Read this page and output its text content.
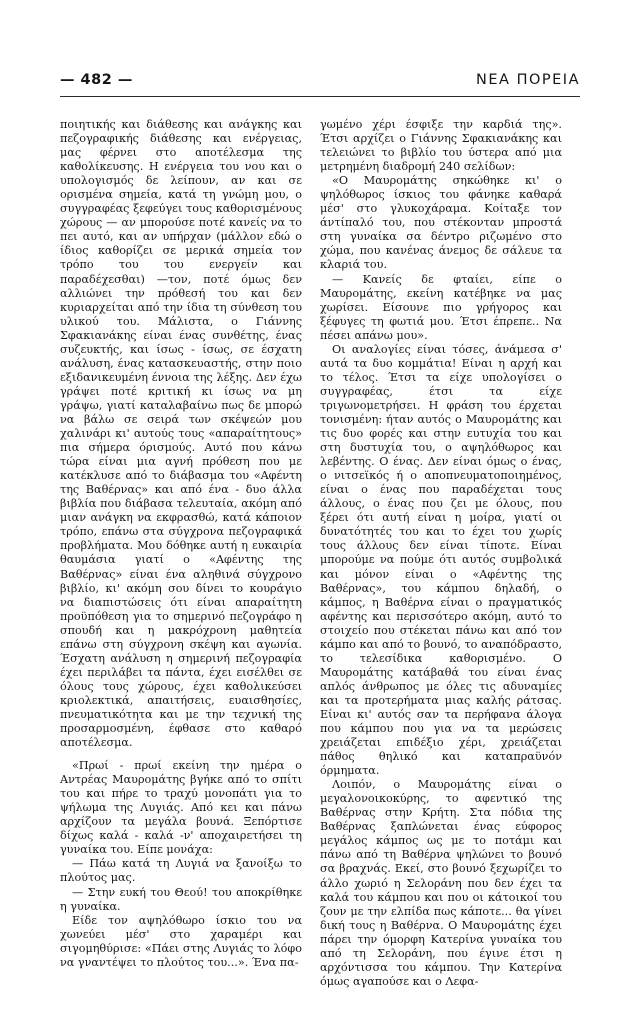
— 482 —	ΝΕΑ ΠΟΡΕΙΑ

ποιητικής και διάθεσης και ανάγκης και πεζογραφικής διάθεσης και ενέργειας, μας φέρνει στο αποτέλεσμα της καθολίκευσης. Η ενέργεια του νου και ο υπολογισμός δε λείπουν, αν και σε ορισμένα σημεία, κατά τη γνώμη μου, ο συγγραφέας ξεφεύγει τους καθορισμένους χώρους — αν μπορούσε ποτέ κανείς να το πει αυτό, και αν υπήρχαν (μάλλον εδώ ο ίδιος καθορίζει σε μερικά σημεία τον τρόπο του του ενεργείν και παραδέχεσθαι) —τον, ποτέ όμως δεν αλλιώνει την πρόθεσή του και δεν κυριαρχείται από την ίδια τη σύνθεση του υλικού του. Μάλιστα, ο Γιάννης Σφακιανάκης είναι ένας συνθέτης, ένας συζευκτής, και ίσως - ίσως, σε έσχατη ανάλυση, ένας κατασκευαστής, στην ποιο εξιδανικευμένη έννοια της λέξης. Δεν έχω γράψει ποτέ κριτική κι ίσως να μη γράψω, γιατί καταλαβαίνω πως δε μπορώ να βάλω σε σειρά των σκέψεών μου χαλινάρι κι' αυτούς τους «απαραίτητους» πια σήμερα όρισμούς. Αυτό που κάνω τώρα είναι μια αγνή πρόθεση που με κατέκλυσε από το διάβασμα του «Αφέντη της Βαθέρνας» και από ένα - δυο άλλα βιβλία που διάβασα τελευταία, ακόμη από μιαν ανάγκη να εκφρασθώ, κατά κάποιον τρόπο, επάνω στα σύγχρονα πεζογραφικά προβλήματα. Μου δόθηκε αυτή η ευκαιρία θαυμάσια γιατί ο «Αφέντης της Βαθέρνας» είναι ένα αληθινά σύγχρονο βιβλίο, κι' ακόμη σου δίνει το κουράγιο να διαπιστώσεις ότι είναι απαραίτητη προϋπόθεση για το σημερινό πεζογράφο η σπουδή και η μακρόχρονη μαθητεία επάνω στη σύγχρονη σκέψη και αγωνία. Έσχατη ανάλυση η σημερινή πεζογραφία έχει περιλάβει τα πάντα, έχει εισέλθει σε όλους τους χώρους, έχει καθολικεύσει κριολεκτικά, απαιτήσεις, ευαισθησίες, πνευματικότητα και με την τεχνική της προσαρμοσμένη, έφθασε στο καθαρό αποτέλεσμα.

«Πρωί - πρωί εκείνη την ημέρα ο Αντρέας Μαυρομάτης βγήκε από το σπίτι του και πήρε το τραχύ μονοπάτι για το ψήλωμα της Λυγιάς. Από κει και πάνω αρχίζουν τα μεγάλα βουνά. Ξεπόρτισε δίχως καλά - καλά -ν' αποχαιρετήσει τη γυναίκα του. Είπε μονάχα:

— Πάω κατά τη Λυγιά να ξανοίξω το πλούτος μας.

— Στην ευκή του Θεού! του αποκρίθηκε η γυναίκα.

Είδε τον αψηλόθωρο ίσκιο του να χωνεύει μέσ' στο χαραμέρι και σιγομηθύρισε: «Πάει στης Λυγιάς το λόφο να γναντέψει το πλούτος του...». Ένα πα-

γωμένο χέρι έσφιξε την καρδιά της». Έτσι αρχίζει ο Γιάννης Σφακιανάκης και τελειώνει το βιβλίο του ύστερα από μια μετρημένη διαδρομή 240 σελίδων:

«Ο Μαυρομάτης σηκώθηκε κι' ο ψηλόθωρος ίσκιος του φάνηκε καθαρά μέσ' στο γλυκοχάραμα. Κοίταξε τον άντίπαλό του, που στέκονταν μπροστά στη γυναίκα σα δέντρο ριζωμένο στο χώμα, που κανένας άνεμος δε σάλευε τα κλαριά του.

— Κανείς δε φταίει, είπε ο Μαυρομάτης, εκείνη κατέβηκε να μας χωρίσει. Είσουνε πιο γρήγορος και ξέφυγες τη φωτιά μου. Έτσι έπρεπε.. Να πέσει απάνω μου».

Οι αναλογίες είναι τόσες, άνάμεσα σ' αυτά τα δυο κομμάτια! Είναι η αρχή και το τέλος. Έτσι τα είχε υπολογίσει ο συγγραφέας, έτσι τα είχε τριγωνομετρήσει. Η φράση του έρχεται τονισμένη: ήταν αυτός ο Μαυρομάτης και τις δυο φορές και στην ευτυχία του και στη δυστυχία του, ο αψηλόθωρος και λεβέντης. Ο ένας. Δεν είναι όμως ο ένας, ο νιτσεϊκός ή ο αποπνευματοποιημένος, είναι ο ένας που παραδέχεται τους άλλους, ο ένας που ζει με όλους, που ξέρει ότι αυτή είναι η μοίρα, γιατί οι δυνατότητές του και το έχει του χωρίς τους άλλους δεν είναι τίποτε. Είναι μπορούμε να πούμε ότι αυτός συμβολικά και μόνον είναι ο «Αφέντης της Βαθέρνας», του κάμπου δηλαδή, ο κάμπος, η Βαθέρνα είναι ο πραγματικός αφέντης και περισσότερο ακόμη, αυτό το στοιχείο που στέκεται πάνω και από τον κάμπο και από το βουνό, το αναπόδραστο, το τελεσίδικα καθορισμένο. Ο Μαυρομάτης κατάβαθά του είναι ένας απλός άνθρωπος με όλες τις αδυναμίες και τα προτερήματα μιας καλής ράτσας. Είναι κι' αυτός σαν τα περήφανα άλογα που κάμπου που για να τα μερώσεις χρειάζεται επιδέξιο χέρι, χρειάζεται πάθος θηλικό και καταπραϋνόν όρμηματα.

Λοιπόν, ο Μαυρομάτης είναι ο μεγαλονοικοκύρης, το αφεντικό της Βαθέρνας στην Κρήτη. Στα πόδια της Βαθέρνας ξαπλώνεται ένας εύφορος μεγάλος κάμπος ως με το ποτάμι και πάνω από τη Βαθέρνα ψηλώνει το βουνό σα βραχνάς. Εκεί, στο βουνό ξεχωρίζει το άλλο χωριό η Σελοράνη που δεν έχει τα καλά του κάμπου και που οι κάτοικοί του ζουν με την ελπίδα πως κάποτε... θα γίνει δική τους η Βαθέρνα. Ο Μαυρομάτης έχει πάρει την όμορφη Κατερίνα γυναίκα του από τη Σελοράνη, που έγινε έτσι η αρχόντισσα του κάμπου. Την Κατερίνα όμως αγαπούσε και ο Λεφα-
